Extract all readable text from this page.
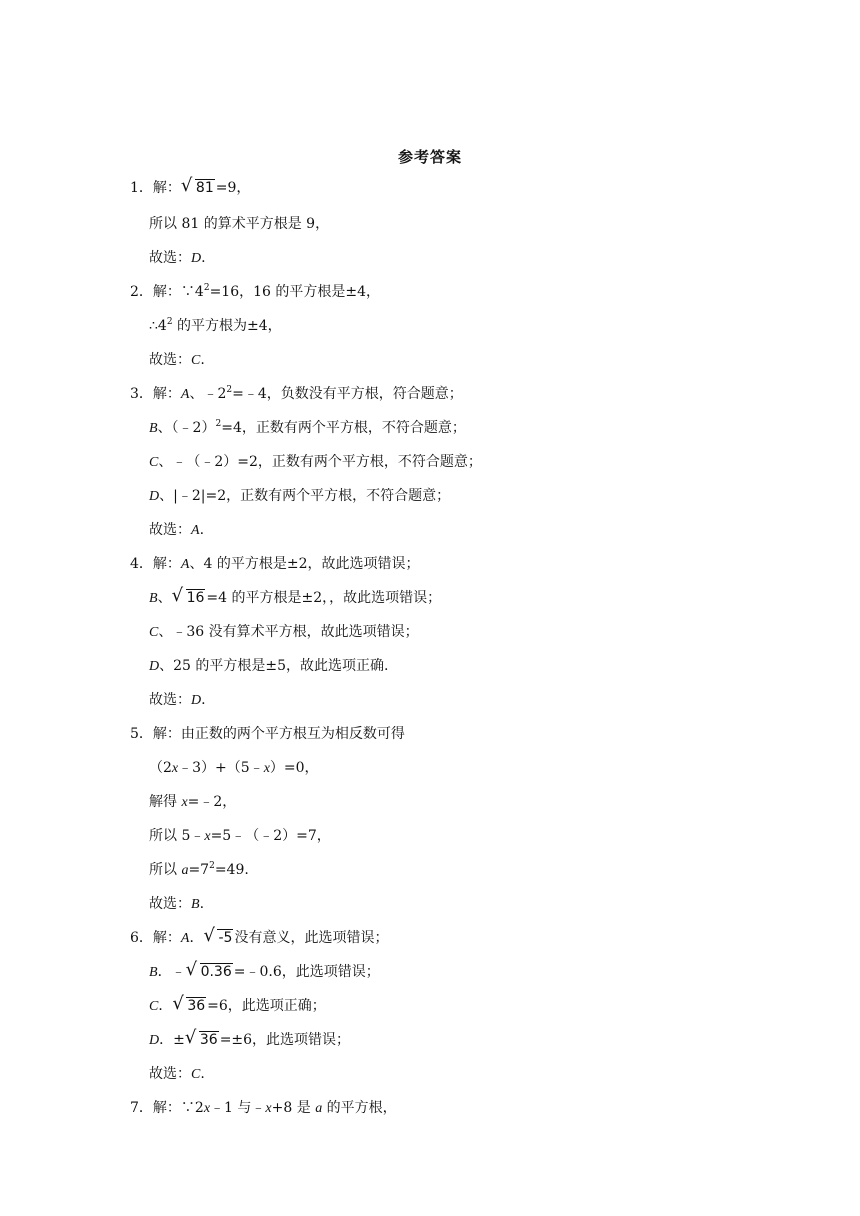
参考答案
1．解： √ 81 =9，
所以 81 的算术平方根是 9，
故选：D.
2．解：$\because 4^2=16$，16 的平方根是±4，
$\therefore 4^2$ 的平方根为±4，
故选：C.
3．解：A、$﹣2^2=﹣4$，负数没有平方根，符合题意；
B、（﹣2）$^2$=4，正数有两个平方根，不符合题意；
C、﹣（﹣2）=2，正数有两个平方根，不符合题意；
D、|﹣2|=2，正数有两个平方根，不符合题意；
故选：A.
4．解：A、4 的平方根是±2，故此选项错误；
B、 √ 16 =4 的平方根是±2，，故此选项错误；
C、﹣36 没有算术平方根，故此选项错误；
D、25 的平方根是±5，故此选项正确.
故选：D.
5．解：由正数的两个平方根互为相反数可得
（2x﹣3）+（5﹣x）=0，
解得 x=﹣2，
所以 5﹣x=5﹣（﹣2）=7，
所以 $a=7^2=49$.
故选：B.
6．解：A． √ -5 没有意义，此选项错误；
B．﹣ √ 0.36 =﹣0.6，此选项错误；
C． √ 36 =6，此选项正确；
D．± √ 36 =±6，此选项错误；
故选：C.
7．解：∵2x﹣1 与﹣x+8 是 a 的平方根，
